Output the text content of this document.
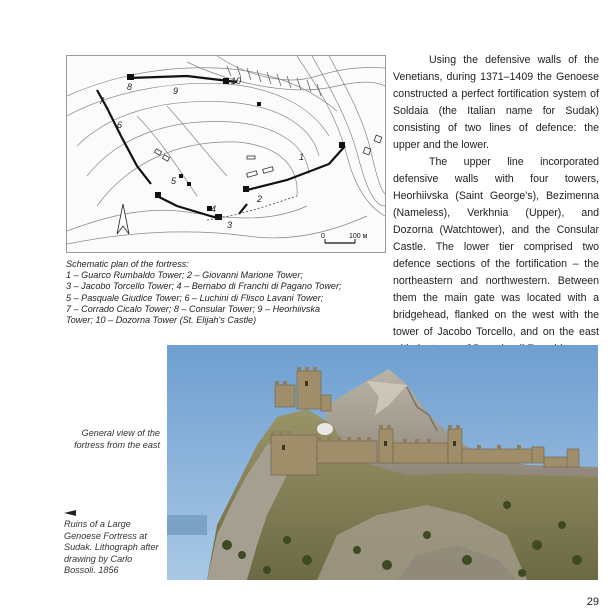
1
2
3
4
5
6
7
8	9
10
0	100 м
Schematic plan of the fortress:
1 – Guarco Rumbaldo Tower; 2 – Giovanni Marione Tower;
3 – Jacobo Torcello Tower; 4 – Bernabo di Franchi di Pagano Tower;
5 – Pasquale Giudice Tower; 6 – Luchini di Flisco Lavani Tower;
7 – Corrado Cicalo Tower; 8 – Consular Tower; 9 – Heorhiivska
Tower; 10 – Dozorna Tower (St. Elijah's Castle)

Using the defensive walls of the Venetians, during 1371–1409 the Genoese constructed a perfect fortification system of Soldaia (the Italian name for Sudak) consisting of two lines of defence: the upper and the lower.

The upper line incorporated defensive walls with four towers, Heorhiivska (Saint George's), Bezimenna (Nameless), Verkhnia (Upper), and Dozorna (Watchtower), and the Consular Castle. The lower tier comprised two defence sections of the fortification – the northeastern and northwestern. Between them the main gate was located with a bridgehead, flanked on the west with the tower of Jacobo Torcello, and on the east

General view of the fortress from the east
Ruins of a Large Genoese Fortress at Sudak. Lithograph after drawing by Carlo Bossoli. 1856
29
